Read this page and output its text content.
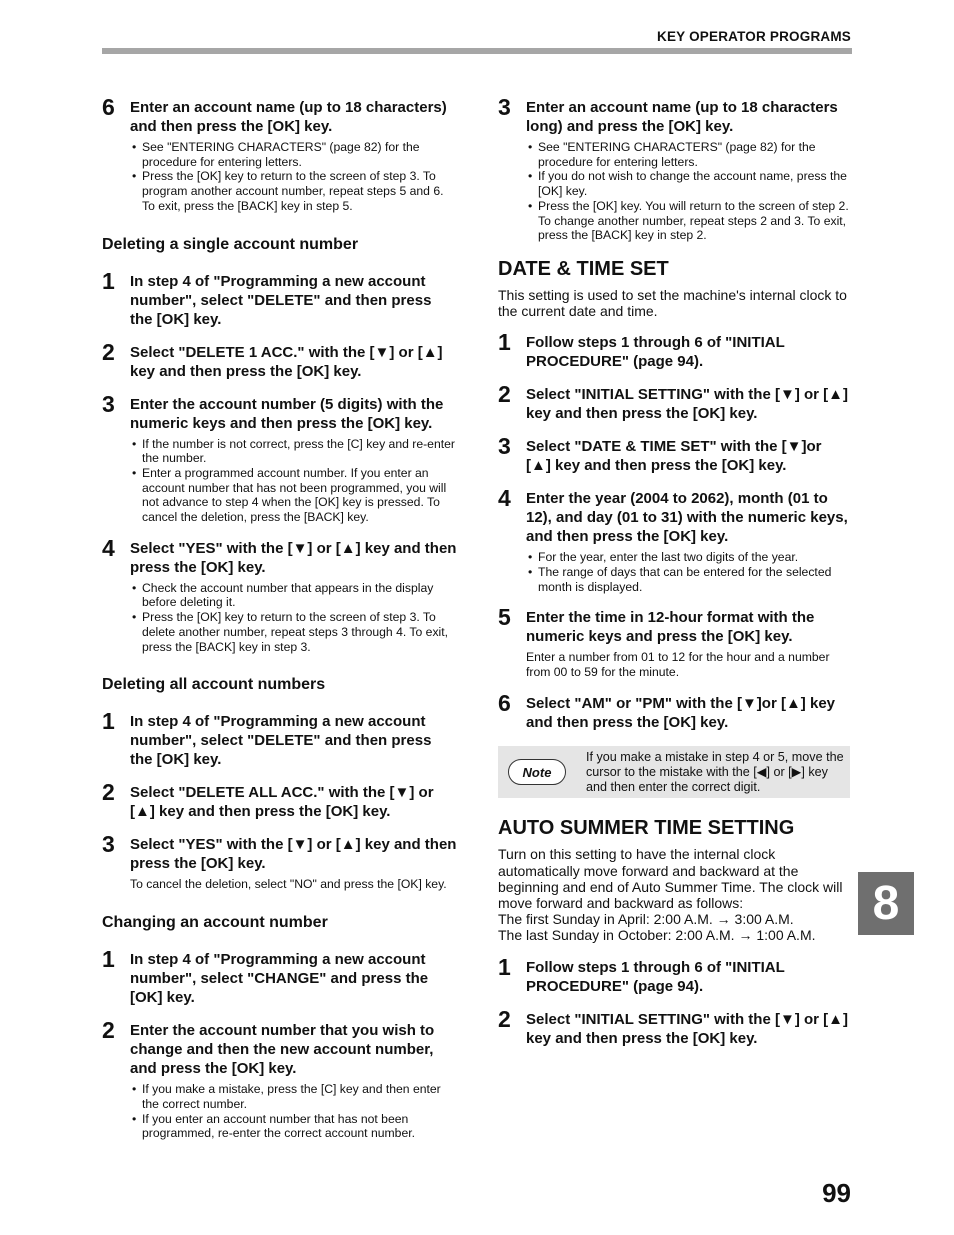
KEY OPERATOR PROGRAMS
6 Enter an account name (up to 18 characters) and then press the [OK] key.
• See "ENTERING CHARACTERS" (page 82) for the procedure for entering letters.
• Press the [OK] key to return to the screen of step 3. To program another account number, repeat steps 5 and 6. To exit, press the [BACK] key in step 5.
Deleting a single account number
1 In step 4 of "Programming a new account number", select "DELETE" and then press the [OK] key.
2 Select "DELETE 1 ACC." with the [▼] or [▲] key and then press the [OK] key.
3 Enter the account number (5 digits) with the numeric keys and then press the [OK] key.
• If the number is not correct, press the [C] key and re-enter the number.
• Enter a programmed account number. If you enter an account number that has not been programmed, you will not advance to step 4 when the [OK] key is pressed. To cancel the deletion, press the [BACK] key.
4 Select "YES" with the [▼] or [▲] key and then press the [OK] key.
• Check the account number that appears in the display before deleting it.
• Press the [OK] key to return to the screen of step 3. To delete another number, repeat steps 3 through 4. To exit, press the [BACK] key in step 3.
Deleting all account numbers
1 In step 4 of "Programming a new account number", select "DELETE" and then press the [OK] key.
2 Select "DELETE ALL ACC." with the [▼] or [▲] key and then press the [OK] key.
3 Select "YES" with the [▼] or [▲] key and then press the [OK] key.
To cancel the deletion, select "NO" and press the [OK] key.
Changing an account number
1 In step 4 of "Programming a new account number", select "CHANGE" and press the [OK] key.
2 Enter the account number that you wish to change and then the new account number, and press the [OK] key.
• If you make a mistake, press the [C] key and then enter the correct number.
• If you enter an account number that has not been programmed, re-enter the correct account number.
3 Enter an account name (up to 18 characters long) and press the [OK] key.
• See "ENTERING CHARACTERS" (page 82) for the procedure for entering letters.
• If you do not wish to change the account name, press the [OK] key.
• Press the [OK] key. You will return to the screen of step 2. To change another number, repeat steps 2 and 3. To exit, press the [BACK] key in step 2.
DATE & TIME SET
This setting is used to set the machine's internal clock to the current date and time.
1 Follow steps 1 through 6 of "INITIAL PROCEDURE" (page 94).
2 Select "INITIAL SETTING" with the [▼] or [▲] key and then press the [OK] key.
3 Select "DATE & TIME SET" with the [▼]or [▲] key and then press the [OK] key.
4 Enter the year (2004 to 2062), month (01 to 12), and day (01 to 31) with the numeric keys, and then press the [OK] key.
• For the year, enter the last two digits of the year.
• The range of days that can be entered for the selected month is displayed.
5 Enter the time in 12-hour format with the numeric keys and press the [OK] key.
Enter a number from 01 to 12 for the hour and a number from 00 to 59 for the minute.
6 Select "AM" or "PM" with the [▼]or [▲] key and then press the [OK] key.
Note
If you make a mistake in step 4 or 5, move the cursor to the mistake with the [◀] or [▶] key and then enter the correct digit.
AUTO SUMMER TIME SETTING
Turn on this setting to have the internal clock automatically move forward and backward at the beginning and end of Auto Summer Time. The clock will move forward and backward as follows:
The first Sunday in April: 2:00 A.M. → 3:00 A.M.
The last Sunday in October: 2:00 A.M. → 1:00 A.M.
1 Follow steps 1 through 6 of "INITIAL PROCEDURE" (page 94).
2 Select "INITIAL SETTING" with the [▼] or [▲] key and then press the [OK] key.
8
99
